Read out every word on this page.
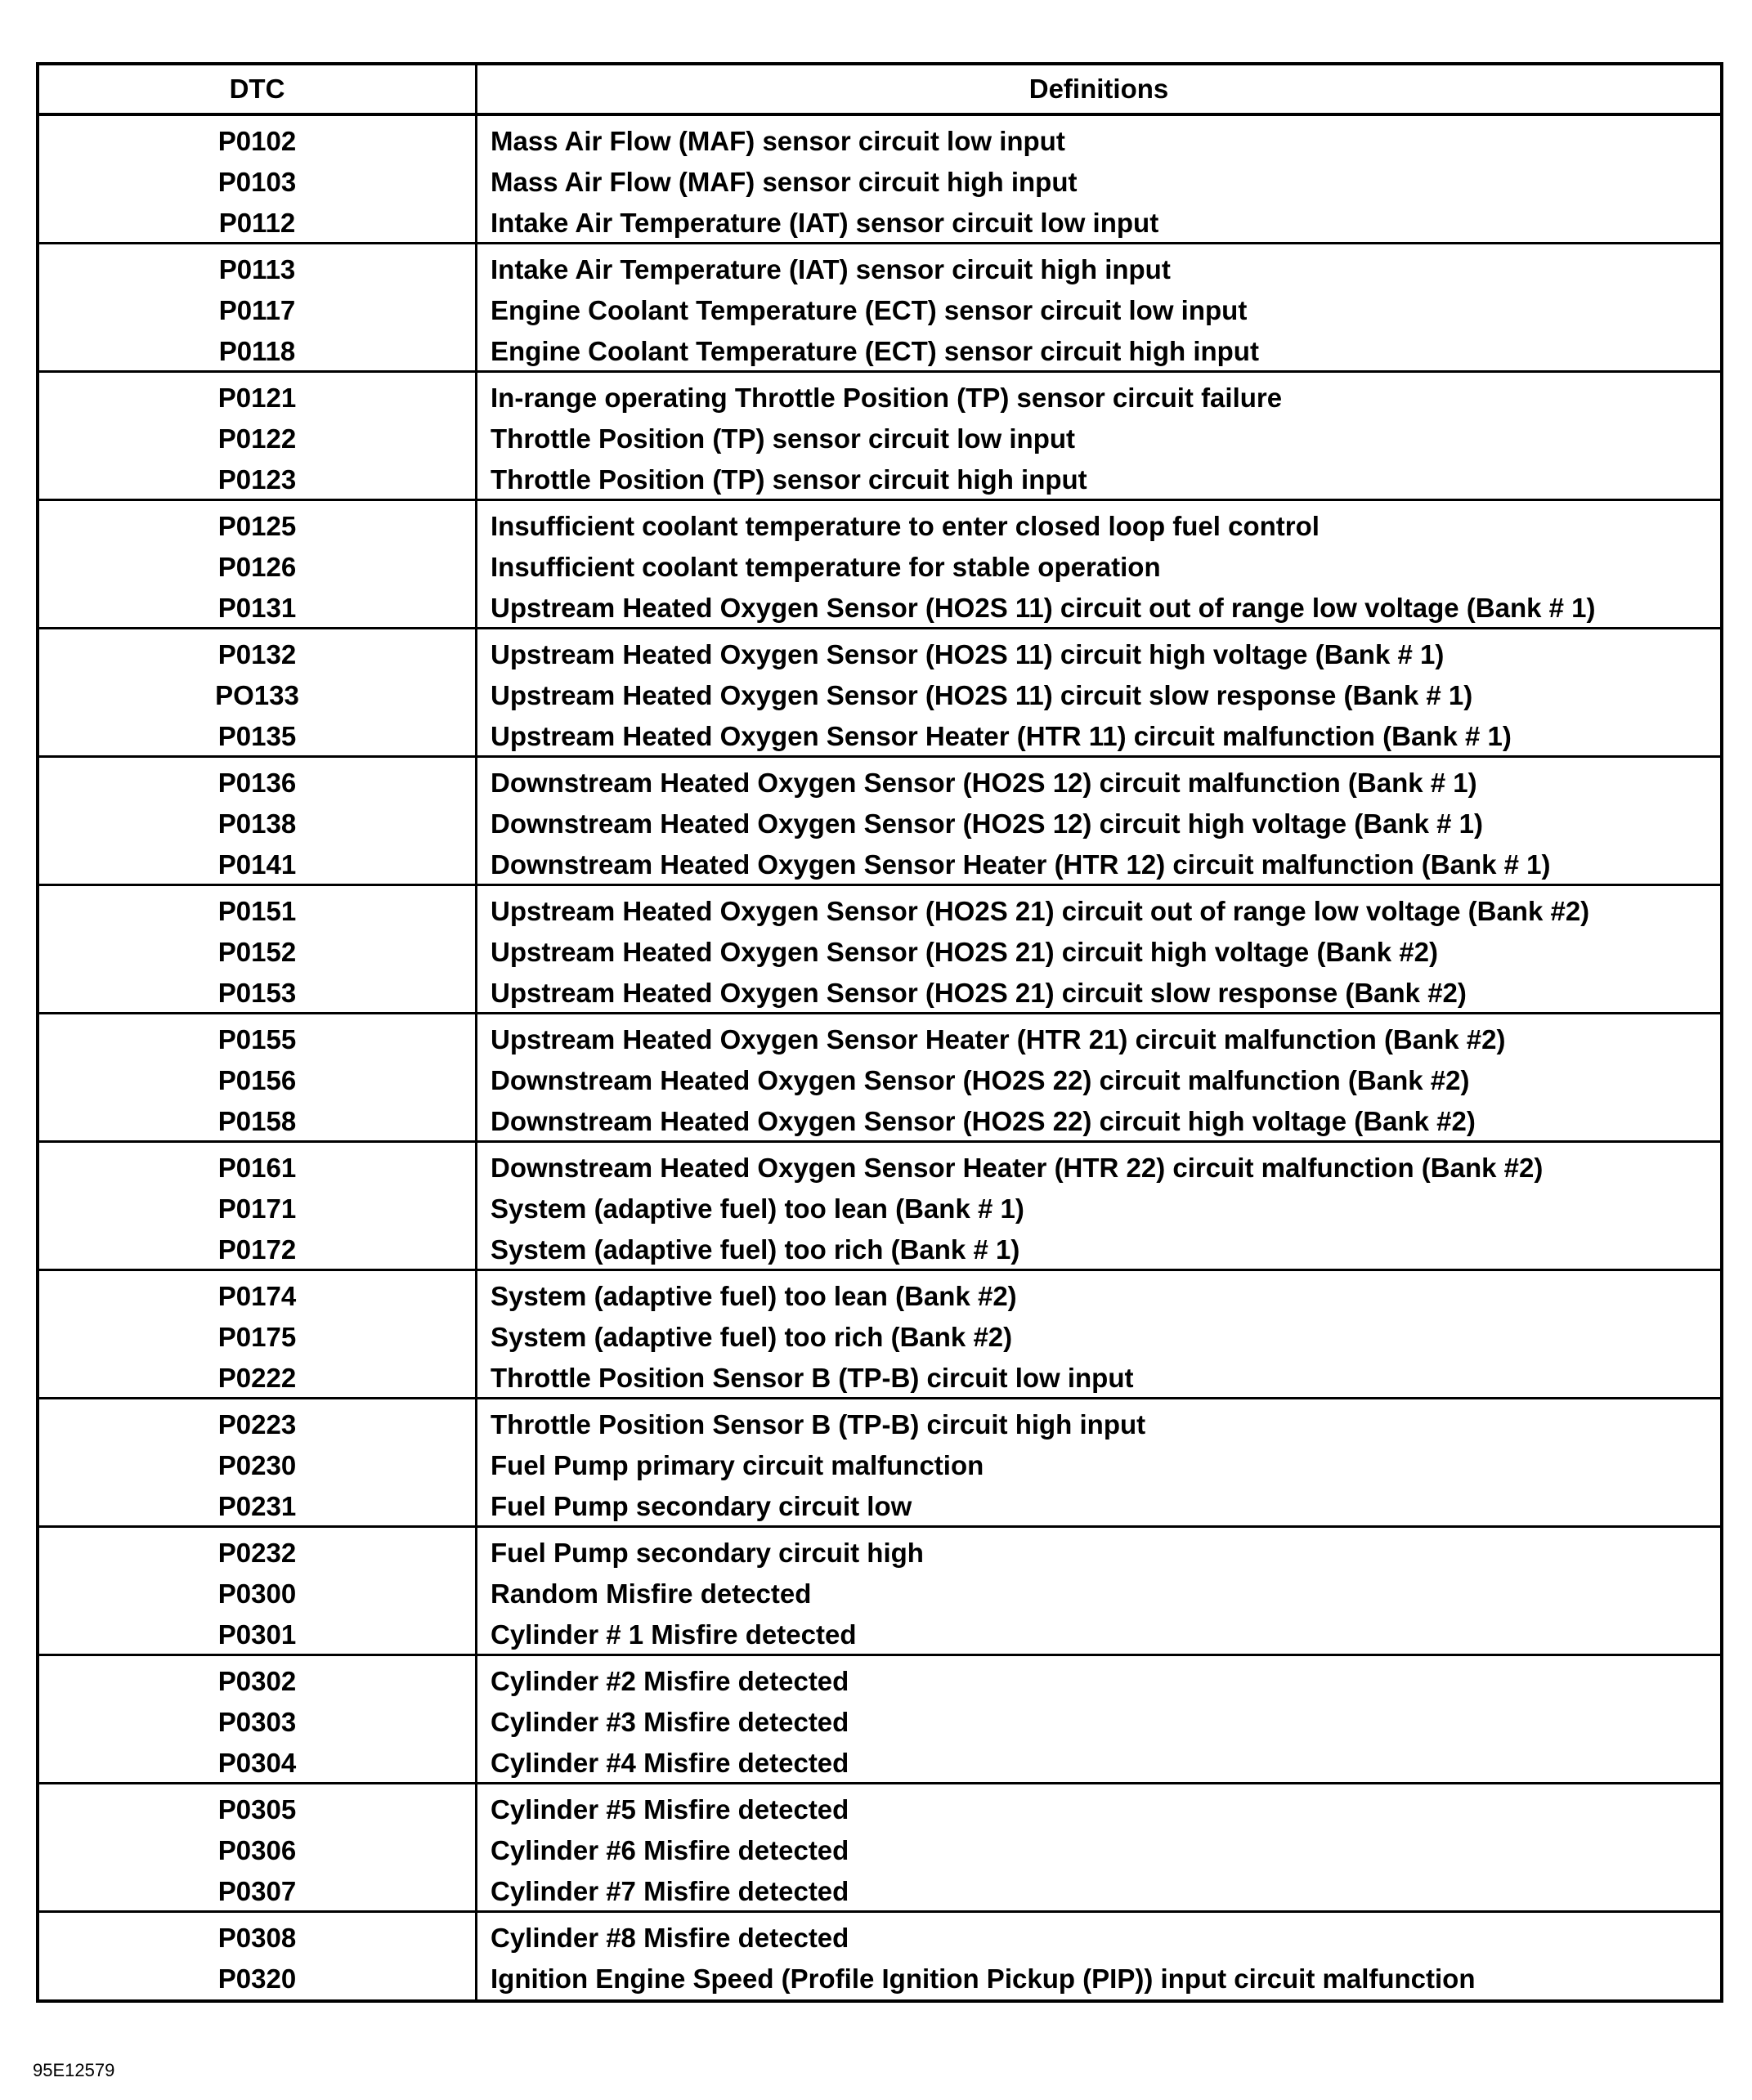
DTC	Definitions
P0102
P0103
P0112
Mass Air Flow (MAF) sensor circuit low input
Mass Air Flow (MAF) sensor circuit high input
Intake Air Temperature (IAT) sensor circuit low input
P0113
P0117
P0118
Intake Air Temperature (IAT) sensor circuit high input
Engine Coolant Temperature (ECT) sensor circuit low input
Engine Coolant Temperature (ECT) sensor circuit high input
P0121
P0122
P0123
In-range operating Throttle Position (TP) sensor circuit failure
Throttle Position (TP) sensor circuit low input
Throttle Position (TP) sensor circuit high input
P0125
P0126
P0131
Insufficient coolant temperature to enter closed loop fuel control
Insufficient coolant temperature for stable operation
Upstream Heated Oxygen Sensor (HO2S 11) circuit out of range low voltage (Bank # 1)
P0132
PO133
P0135
Upstream Heated Oxygen Sensor (HO2S 11) circuit high voltage (Bank # 1)
Upstream Heated Oxygen Sensor (HO2S 11) circuit slow response (Bank # 1)
Upstream Heated Oxygen Sensor Heater (HTR 11) circuit malfunction (Bank # 1)
P0136
P0138
P0141
Downstream Heated Oxygen Sensor (HO2S 12) circuit malfunction (Bank # 1)
Downstream Heated Oxygen Sensor (HO2S 12) circuit high voltage (Bank # 1)
Downstream Heated Oxygen Sensor Heater (HTR 12) circuit malfunction (Bank # 1)
P0151
P0152
P0153
Upstream Heated Oxygen Sensor (HO2S 21) circuit out of range low voltage (Bank #2)
Upstream Heated Oxygen Sensor (HO2S 21) circuit high voltage (Bank #2)
Upstream Heated Oxygen Sensor (HO2S 21) circuit slow response (Bank #2)
P0155
P0156
P0158
Upstream Heated Oxygen Sensor Heater (HTR 21) circuit malfunction (Bank #2)
Downstream Heated Oxygen Sensor (HO2S 22) circuit malfunction (Bank #2)
Downstream Heated Oxygen Sensor (HO2S 22) circuit high voltage (Bank #2)
P0161
P0171
P0172
Downstream Heated Oxygen Sensor Heater (HTR 22) circuit malfunction (Bank #2)
System (adaptive fuel) too lean (Bank # 1)
System (adaptive fuel) too rich (Bank # 1)
P0174
P0175
P0222
System (adaptive fuel) too lean (Bank #2)
System (adaptive fuel) too rich (Bank #2)
Throttle Position Sensor B (TP-B) circuit low input
P0223
P0230
P0231
Throttle Position Sensor B (TP-B) circuit high input
Fuel Pump primary circuit malfunction
Fuel Pump secondary circuit low
P0232
P0300
P0301
Fuel Pump secondary circuit high
Random Misfire detected
Cylinder # 1 Misfire detected
P0302
P0303
P0304
Cylinder #2 Misfire detected
Cylinder #3 Misfire detected
Cylinder #4 Misfire detected
P0305
P0306
P0307
Cylinder #5 Misfire detected
Cylinder #6 Misfire detected
Cylinder #7 Misfire detected
P0308
P0320
Cylinder #8 Misfire detected
Ignition Engine Speed (Profile Ignition Pickup (PIP)) input circuit malfunction
95E12579
